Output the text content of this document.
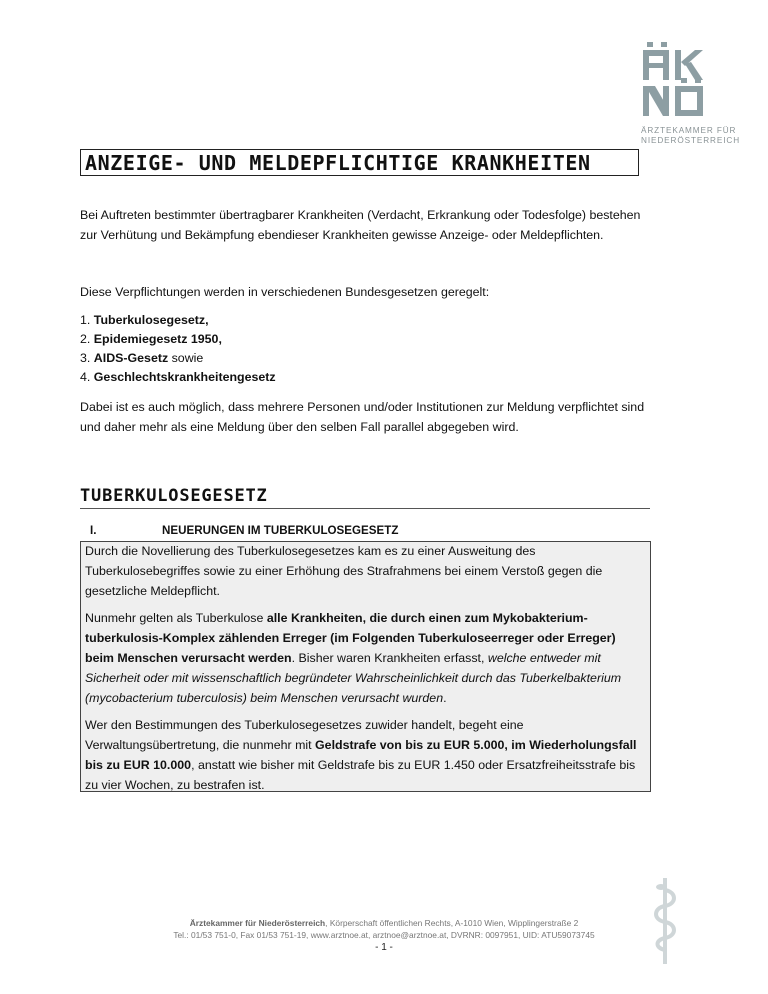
ÄRZTEKAMMER FÜR
NIEDERÖSTERREICH
ANZEIGE- UND MELDEPFLICHTIGE KRANKHEITEN
Bei Auftreten bestimmter übertragbarer Krankheiten (Verdacht, Erkrankung oder Todesfolge) bestehen zur Verhütung und Bekämpfung ebendieser Krankheiten gewisse Anzeige- oder Meldepflichten.
Diese Verpflichtungen werden in verschiedenen Bundesgesetzen geregelt:
1. Tuberkulosegesetz,
2. Epidemiegesetz 1950,
3. AIDS-Gesetz sowie
4. Geschlechtskrankheitengesetz
Dabei ist es auch möglich, dass mehrere Personen und/oder Institutionen zur Meldung verpflichtet sind und daher mehr als eine Meldung über den selben Fall parallel abgegeben wird.
TUBERKULOSEGESETZ
I.	NEUERUNGEN IM TUBERKULOSEGESETZ

Durch die Novellierung des Tuberkulosegesetzes kam es zu einer Ausweitung des Tuberkulosebegriffes sowie zu einer Erhöhung des Strafrahmens bei einem Verstoß gegen die gesetzliche Meldepflicht.

Nunmehr gelten als Tuberkulose alle Krankheiten, die durch einen zum Mykobakterium-tuberkulosis-Komplex zählenden Erreger (im Folgenden Tuberkuloseerreger oder Erreger) beim Menschen verursacht werden. Bisher waren Krankheiten erfasst, welche entweder mit Sicherheit oder mit wissenschaftlich begründeter Wahrscheinlichkeit durch das Tuberkelbakterium (mycobacterium tuberculosis) beim Menschen verursacht wurden.

Wer den Bestimmungen des Tuberkulosegesetzes zuwider handelt, begeht eine Verwaltungsübertretung, die nunmehr mit Geldstrafe von bis zu EUR 5.000, im Wiederholungsfall bis zu EUR 10.000, anstatt wie bisher mit Geldstrafe bis zu EUR 1.450 oder Ersatzfreiheitsstrafe bis zu vier Wochen, zu bestrafen ist.

Ärztekammer für Niederösterreich, Körperschaft öffentlichen Rechts, A-1010 Wien, Wipplingerstraße 2
Tel.: 01/53 751-0, Fax 01/53 751-19, www.arztnoe.at, arztnoe@arztnoe.at, DVRNR: 0097951, UID: ATU59073745
- 1 -
